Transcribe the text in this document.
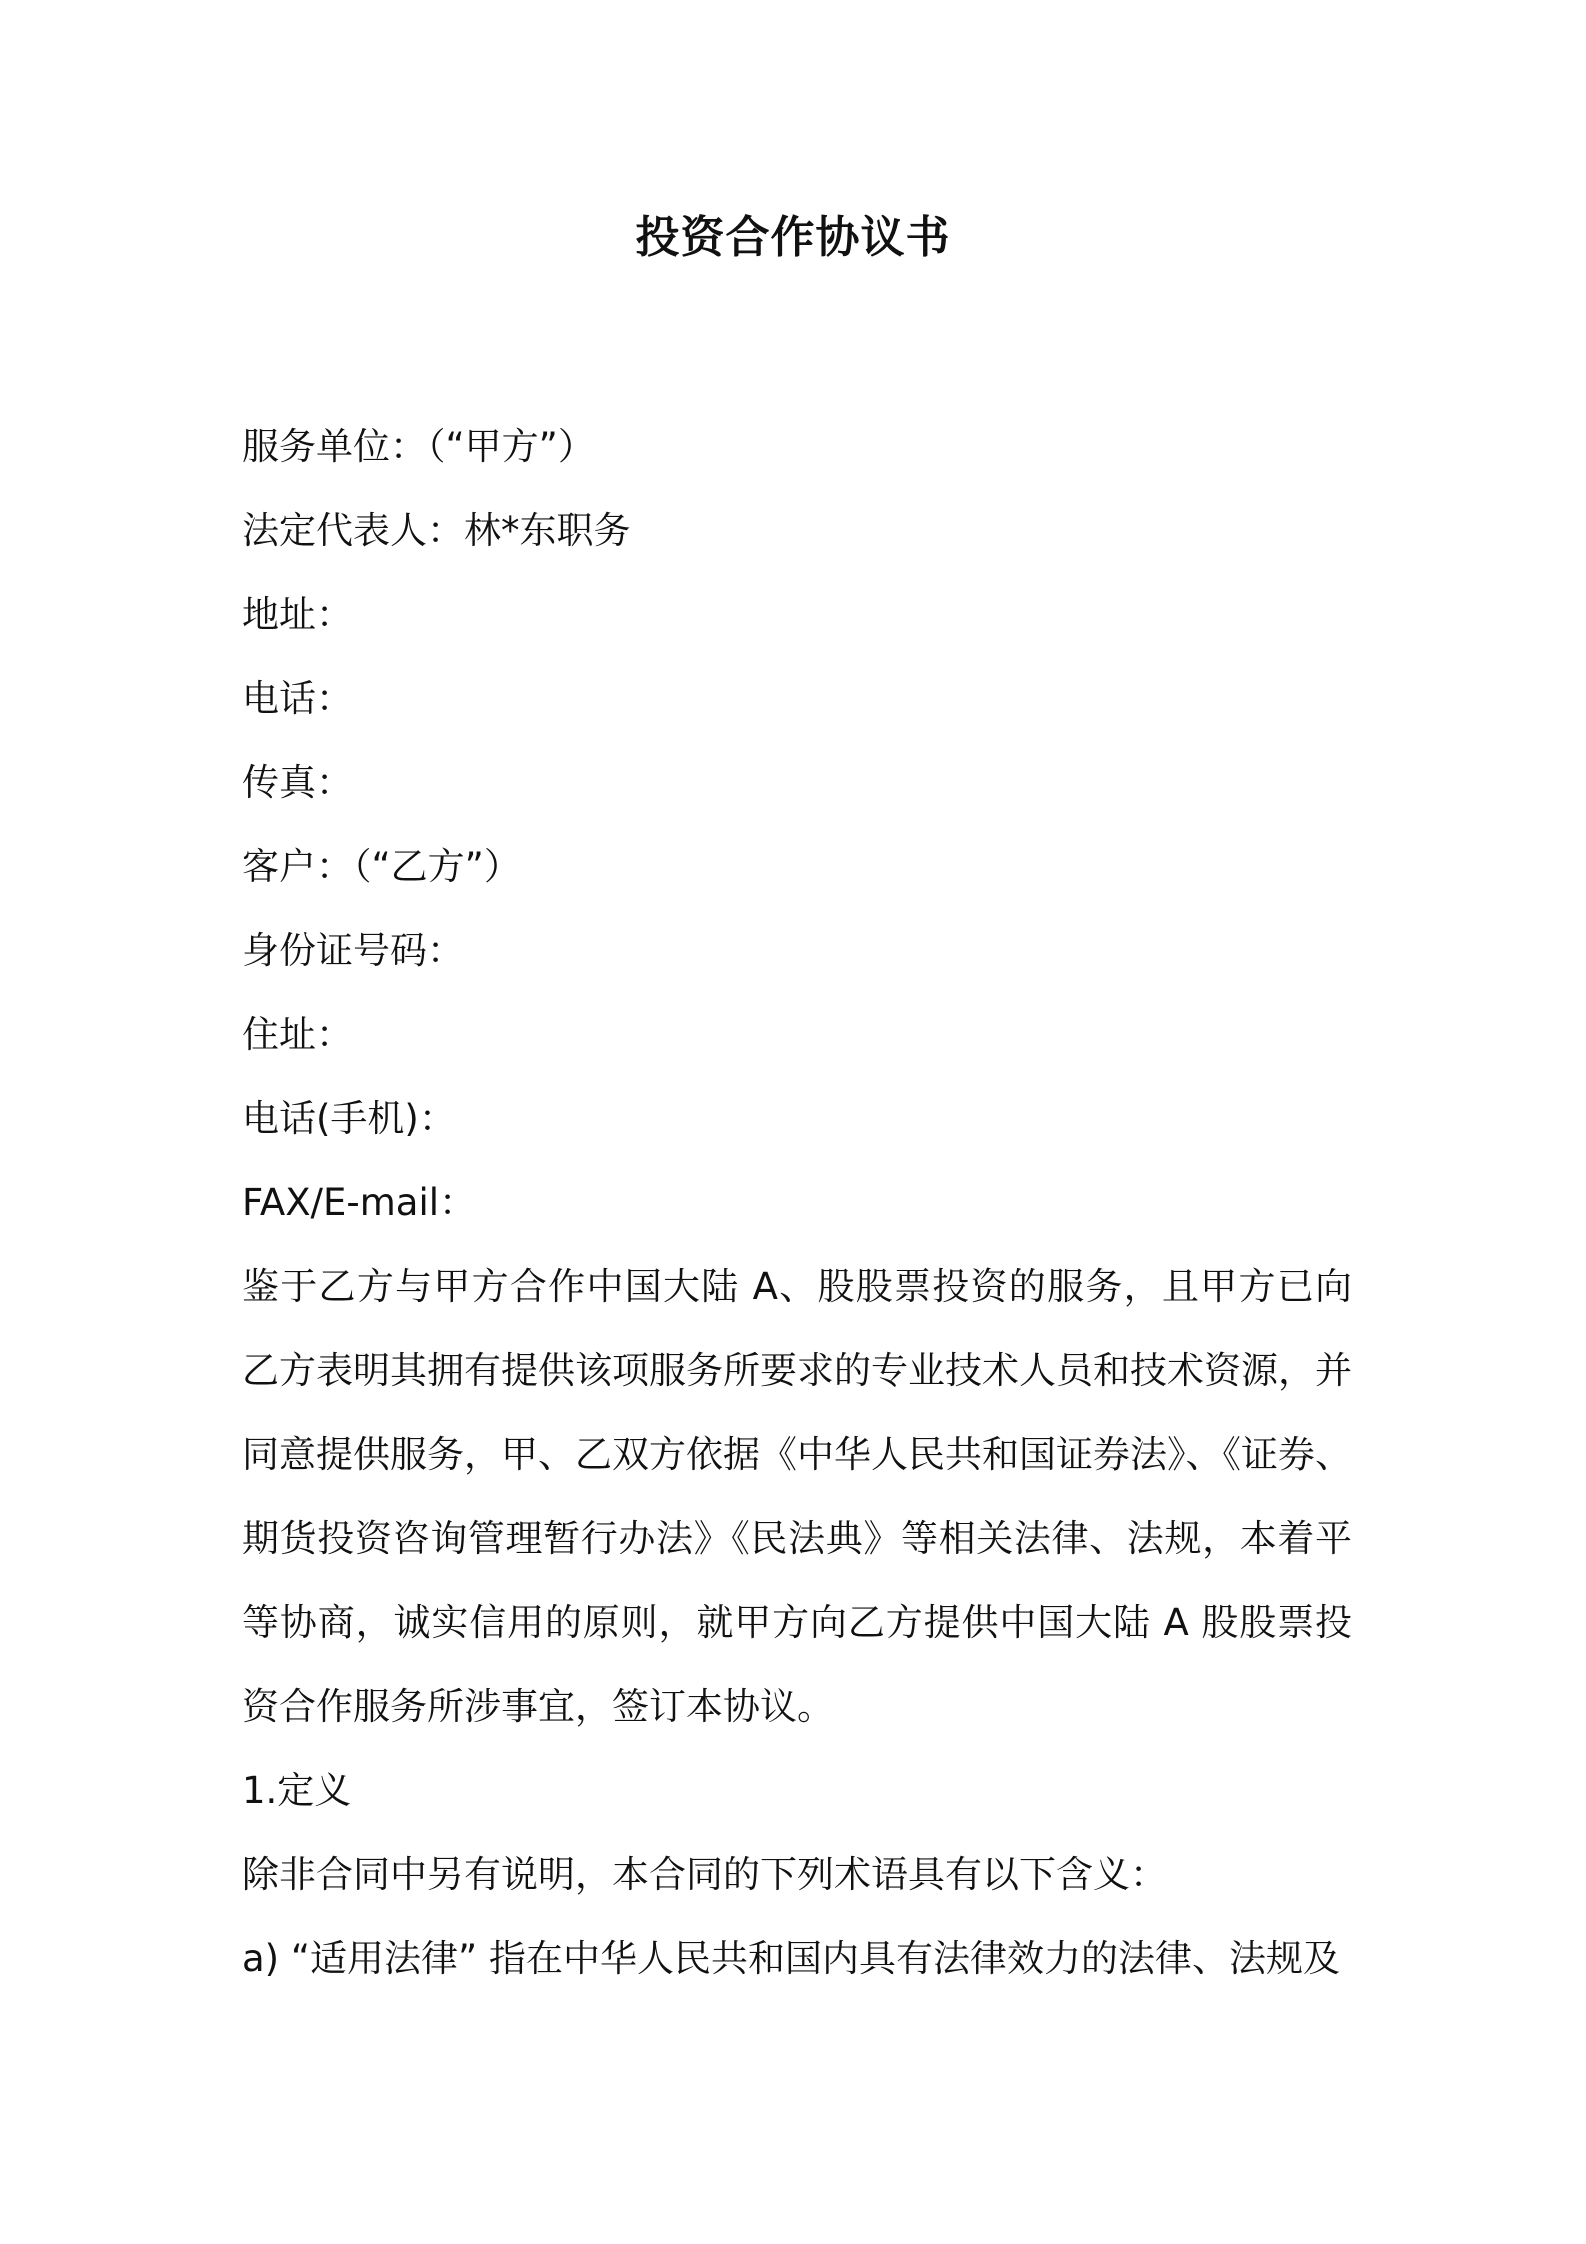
投资合作协议书
服务单位：（“甲方”）
法定代表人：林*东职务
地址：
电话：
传真：
客户：（“乙方”）
身份证号码：
住址：
电话(手机)：
FAX/E-mail：

鉴于乙方与甲方合作中国大陆 A、股股票投资的服务，且甲方已向乙方表明其拥有提供该项服务所要求的专业技术人员和技术资源，并同意提供服务，甲、乙双方依据《中华人民共和国证券法》、《证券、期货投资咨询管理暂行办法》《民法典》等相关法律、法规，本着平等协商，诚实信用的原则，就甲方向乙方提供中国大陆 A 股股票投资合作服务所涉事宜，签订本协议。

1.定义
除非合同中另有说明，本合同的下列术语具有以下含义：
a) “适用法律” 指在中华人民共和国内具有法律效力的法律、法规及
